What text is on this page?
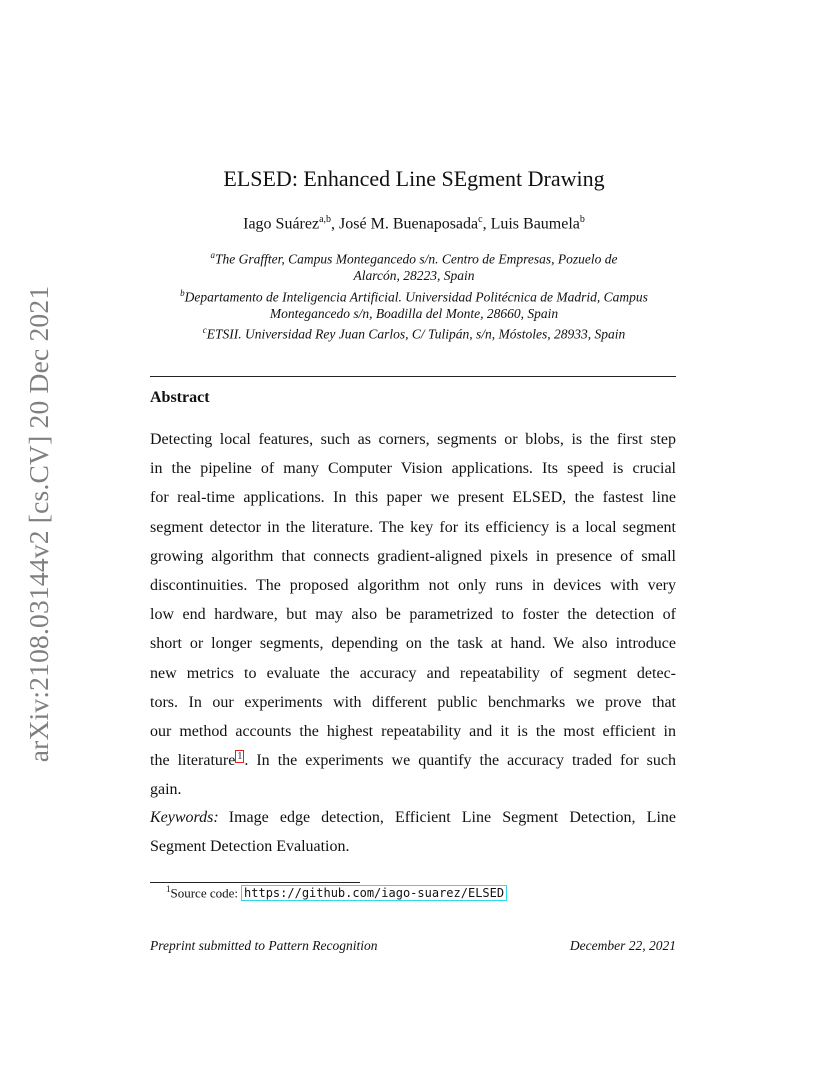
arXiv:2108.03144v2 [cs.CV] 20 Dec 2021
ELSED: Enhanced Line SEgment Drawing
Iago Suárez$^{a,b}$, José M. Buenaposada$^c$, Luis Baumela$^b$
$^a$The Graffter, Campus Montegancedo s/n. Centro de Empresas, Pozuelo de
Alarcón, 28223, Spain
$^b$Departamento de Inteligencia Artificial. Universidad Politécnica de Madrid, Campus
Montegancedo s/n, Boadilla del Monte, 28660, Spain
$^c$ETSII. Universidad Rey Juan Carlos, C/ Tulipán, s/n, Móstoles, 28933, Spain
Abstract
Detecting local features, such as corners, segments or blobs, is the first step
in the pipeline of many Computer Vision applications. Its speed is crucial
for real-time applications. In this paper we present ELSED, the fastest line
segment detector in the literature. The key for its efficiency is a local segment
growing algorithm that connects gradient-aligned pixels in presence of small
discontinuities. The proposed algorithm not only runs in devices with very
low end hardware, but may also be parametrized to foster the detection of
short or longer segments, depending on the task at hand. We also introduce
new metrics to evaluate the accuracy and repeatability of segment detec-
tors. In our experiments with different public benchmarks we prove that
our method accounts the highest repeatability and it is the most efficient in
the literature $^1$ . In the experiments we quantify the accuracy traded for such
gain.
Keywords: Image edge detection, Efficient Line Segment Detection, Line
Segment Detection Evaluation.
$^1$Source code: https://github.com/iago-suarez/ELSED
Preprint submitted to Pattern Recognition	December 22, 2021
